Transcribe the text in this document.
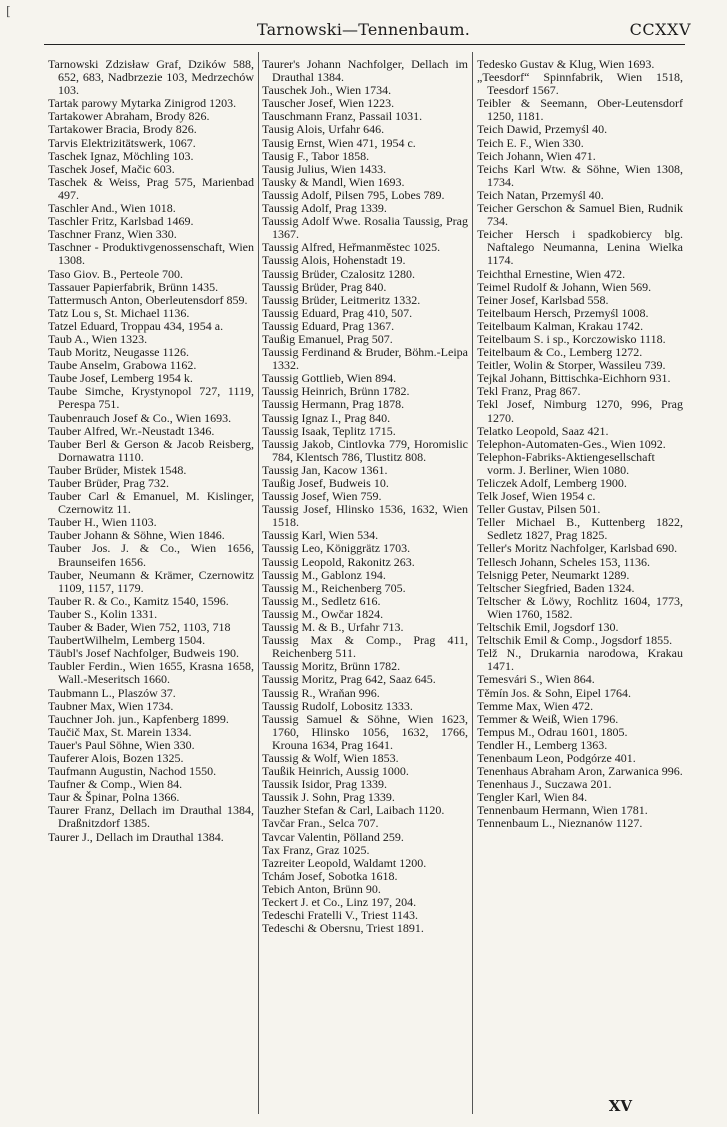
[
Tarnowski—Tennenbaum.	CCXXV

Tarnowski Zdzisław Graf, Dzików 588, 652, 683, Nadbrzezie 103, Medrzechów 103.

Tartak parowy Mytarka Zinigrod 1203.

Tartakower Abraham, Brody 826.

Tartakower Bracia, Brody 826.

Tarvis Elektrizitätswerk, 1067.

Taschek Ignaz, Möchling 103.

Taschek Josef, Mačic 603.

Taschek & Weiss, Prag 575, Marienbad 497.

Taschler And., Wien 1018.

Taschler Fritz, Karlsbad 1469.

Taschner Franz, Wien 330.

Taschner - Produktivgenossenschaft, Wien 1308.

Taso Giov. B., Perteole 700.

Tassauer Papierfabrik, Brünn 1435.

Tattermusch Anton, Oberleutensdorf 859.

Tatz Lou s, St. Michael 1136.

Tatzel Eduard, Troppau 434, 1954 a.

Taub A., Wien 1323.

Taub Moritz, Neugasse 1126.

Taube Anselm, Grabowa 1162.

Taube Josef, Lemberg 1954 k.

Taube Simche, Krystynopol 727, 1119, Perespa 751.

Taubenrauch Josef & Co., Wien 1693.

Tauber Alfred, Wr.-Neustadt 1346.

Tauber Berl & Gerson & Jacob Reisberg, Dornawatra 1110.

Tauber Brüder, Mistek 1548.

Tauber Brüder, Prag 732.

Tauber Carl & Emanuel, M. Kislinger, Czernowitz 11.

Tauber H., Wien 1103.

Tauber Johann & Söhne, Wien 1846.

Tauber Jos. J. & Co., Wien 1656, Braunseifen 1656.

Tauber, Neumann & Krämer, Czernowitz 1109, 1157, 1179.

Tauber R. & Co., Kamitz 1540, 1596.

Tauber S., Kolin 1331.

Tauber & Bader, Wien 752, 1103, 718

TaubertWilhelm, Lemberg 1504.

Täubl's Josef Nachfolger, Budweis 190.

Taubler Ferdin., Wien 1655, Krasna 1658, Wall.-Meseritsch 1660.

Taubmann L., Plaszów 37.

Taubner Max, Wien 1734.

Tauchner Joh. jun., Kapfenberg 1899.

Taučič Max, St. Marein 1334.

Tauer's Paul Söhne, Wien 330.

Tauferer Alois, Bozen 1325.

Taufmann Augustin, Nachod 1550.

Taufner & Comp., Wien 84.

Taur & Špinar, Polna 1366.

Taurer Franz, Dellach im Drauthal 1384, Draßnitzdorf 1385.

Taurer J., Dellach im Drauthal 1384.

Taurer's Johann Nachfolger, Dellach im Drauthal 1384.

Tauschek Joh., Wien 1734.

Tauscher Josef, Wien 1223.

Tauschmann Franz, Passail 1031.

Tausig Alois, Urfahr 646.

Tausig Ernst, Wien 471, 1954 c.

Tausig F., Tabor 1858.

Tausig Julius, Wien 1433.

Tausky & Mandl, Wien 1693.

Taussig Adolf, Pilsen 795, Lobes 789.

Taussig Adolf, Prag 1339.

Taussig Adolf Wwe. Rosalia Taussig, Prag 1367.

Taussig Alfred, Heřmanměstec 1025.

Taussig Alois, Hohenstadt 19.

Taussig Brüder, Czalositz 1280.

Taussig Brüder, Prag 840.

Taussig Brüder, Leitmeritz 1332.

Taussig Eduard, Prag 410, 507.

Taussig Eduard, Prag 1367.

Taußig Emanuel, Prag 507.

Taussig Ferdinand & Bruder, Böhm.-Leipa 1332.

Taussig Gottlieb, Wien 894.

Taussig Heinrich, Brünn 1782.

Taussig Hermann, Prag 1878.

Taussig Ignaz I., Prag 840.

Taussig Isaak, Teplitz 1715.

Taussig Jakob, Cintlovka 779, Horomislic 784, Klentsch 786, Tlustitz 808.

Taussig Jan, Kacow 1361.

Taußig Josef, Budweis 10.

Taussig Josef, Wien 759.

Taussig Josef, Hlinsko 1536, 1632, Wien 1518.

Taussig Karl, Wien 534.

Taussig Leo, Königgrätz 1703.

Taussig Leopold, Rakonitz 263.

Taussig M., Gablonz 194.

Taussig M., Reichenberg 705.

Taussig M., Sedletz 616.

Taussig M., Owčar 1824.

Taussig M. & B., Urfahr 713.

Taussig Max & Comp., Prag 411, Reichenberg 511.

Taussig Moritz, Brünn 1782.

Taussig Moritz, Prag 642, Saaz 645.

Taussig R., Wraňan 996.

Taussig Rudolf, Lobositz 1333.

Taussig Samuel & Söhne, Wien 1623, 1760, Hlinsko 1056, 1632, 1766, Krouna 1634, Prag 1641.

Taussig & Wolf, Wien 1853.

Taußik Heinrich, Aussig 1000.

Taussik Isidor, Prag 1339.

Taussik J. Sohn, Prag 1339.

Tauzher Stefan & Carl, Laibach 1120.

Tavčar Fran., Selca 707.

Tavcar Valentin, Pölland 259.

Tax Franz, Graz 1025.

Tazreiter Leopold, Waldamt 1200.

Tchám Josef, Sobotka 1618.

Tebich Anton, Brünn 90.

Teckert J. et Co., Linz 197, 204.

Tedeschi Fratelli V., Triest 1143.

Tedeschi & Obersnu, Triest 1891.

Tedesko Gustav & Klug, Wien 1693.

„Teesdorf“ Spinnfabrik, Wien 1518, Teesdorf 1567.

Teibler & Seemann, Ober-Leutensdorf 1250, 1181.

Teich Dawid, Przemyśl 40.

Teich E. F., Wien 330.

Teich Johann, Wien 471.

Teichs Karl Wtw. & Söhne, Wien 1308, 1734.

Teich Natan, Przemyśl 40.

Teicher Gerschon & Samuel Bien, Rudnik 734.

Teicher Hersch i spadkobiercy blg. Naftalego Neumanna, Lenina Wielka 1174.

Teichthal Ernestine, Wien 472.

Teimel Rudolf & Johann, Wien 569.

Teiner Josef, Karlsbad 558.

Teitelbaum Hersch, Przemyśl 1008.

Teitelbaum Kalman, Krakau 1742.

Teitelbaum S. i sp., Korczowisko 1118.

Teitelbaum & Co., Lemberg 1272.

Teitler, Wolin & Storper, Wassileu 739.

Tejkal Johann, Bittischka-Eichhorn 931.

Tekl Franz, Prag 867.

Tekl Josef, Nimburg 1270, 996, Prag 1270.

Telatko Leopold, Saaz 421.

Telephon-Automaten-Ges., Wien 1092.

Telephon-Fabriks-Aktiengesellschaft vorm. J. Berliner, Wien 1080.

Teliczek Adolf, Lemberg 1900.

Telk Josef, Wien 1954 c.

Teller Gustav, Pilsen 501.

Teller Michael B., Kuttenberg 1822, Sedletz 1827, Prag 1825.

Teller's Moritz Nachfolger, Karlsbad 690.

Tellesch Johann, Scheles 153, 1136.

Telsnigg Peter, Neumarkt 1289.

Teltscher Siegfried, Baden 1324.

Teltscher & Löwy, Rochlitz 1604, 1773, Wien 1760, 1582.

Teltschik Emil, Jogsdorf 130.

Teltschik Emil & Comp., Jogsdorf 1855.

Telž N., Drukarnia narodowa, Krakau 1471.

Temesvári S., Wien 864.

Těmín Jos. & Sohn, Eipel 1764.

Temme Max, Wien 472.

Temmer & Weiß, Wien 1796.

Tempus M., Odrau 1601, 1805.

Tendler H., Lemberg 1363.

Tenenbaum Leon, Podgórze 401.

Tenenhaus Abraham Aron, Zarwanica 996.

Tenenhaus J., Suczawa 201.

Tengler Karl, Wien 84.

Tennenbaum Hermann, Wien 1781.

Tennenbaum L., Nieznanów 1127.

XV
